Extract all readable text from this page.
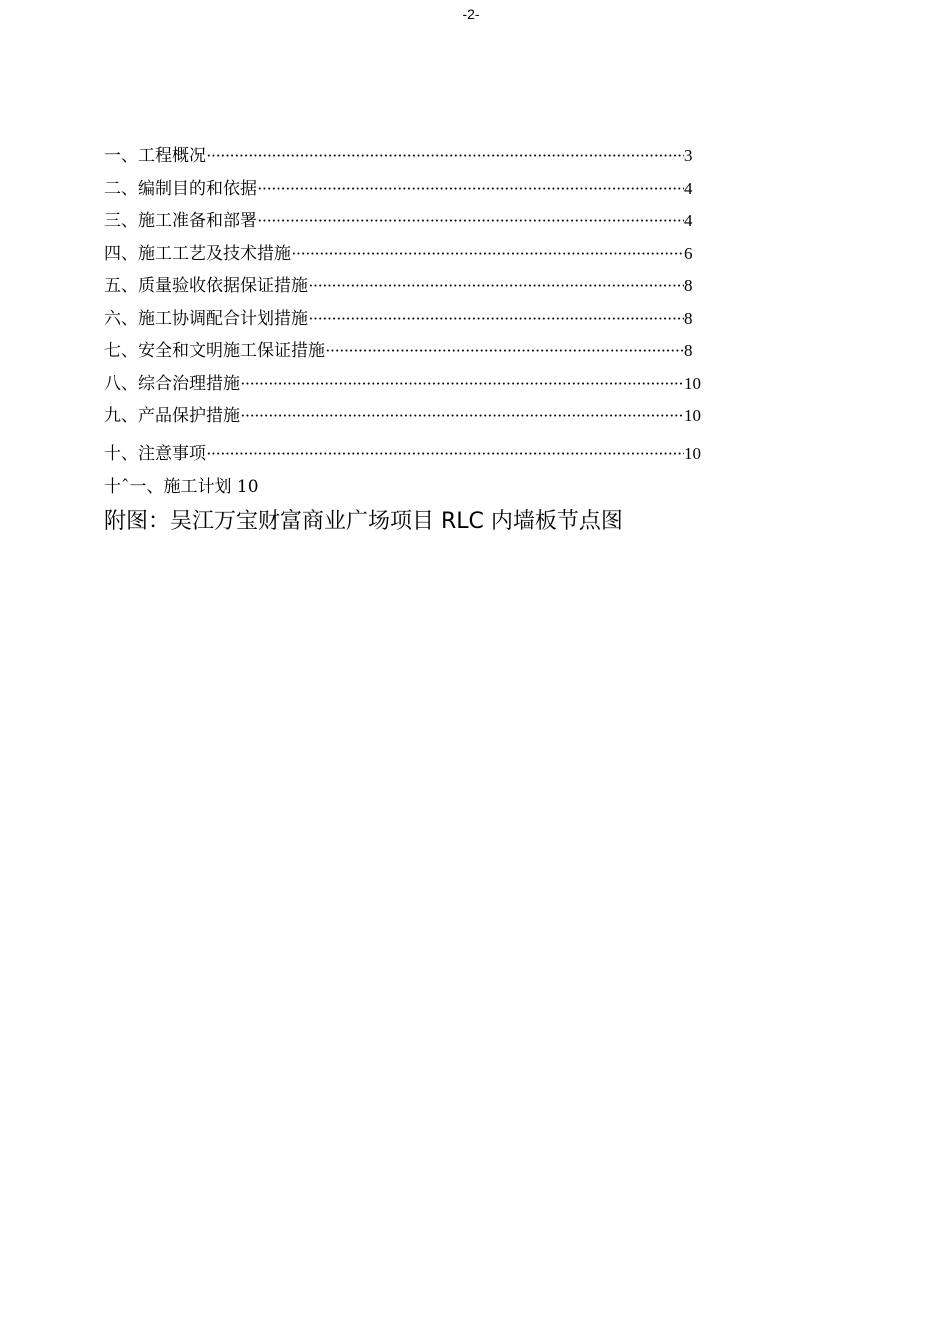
-2-
一、工程概况 ·····	3
二、编制目的和依据 ·····	4
三、施工准备和部署 ·····	4
四、施工工艺及技术措施 ·····	6
五、质量验收依据保证措施 ·····	8
六、施工协调配合计划措施 ·····	8
七、安全和文明施工保证措施 ·····	8
八、综合治理措施 ·····	10
九、产品保护措施 ·····	10
十、注意事项 ·····	10
十ˆ一、施工计划 10
附图：吴江万宝财富商业广场项目 RLC 内墙板节点图
